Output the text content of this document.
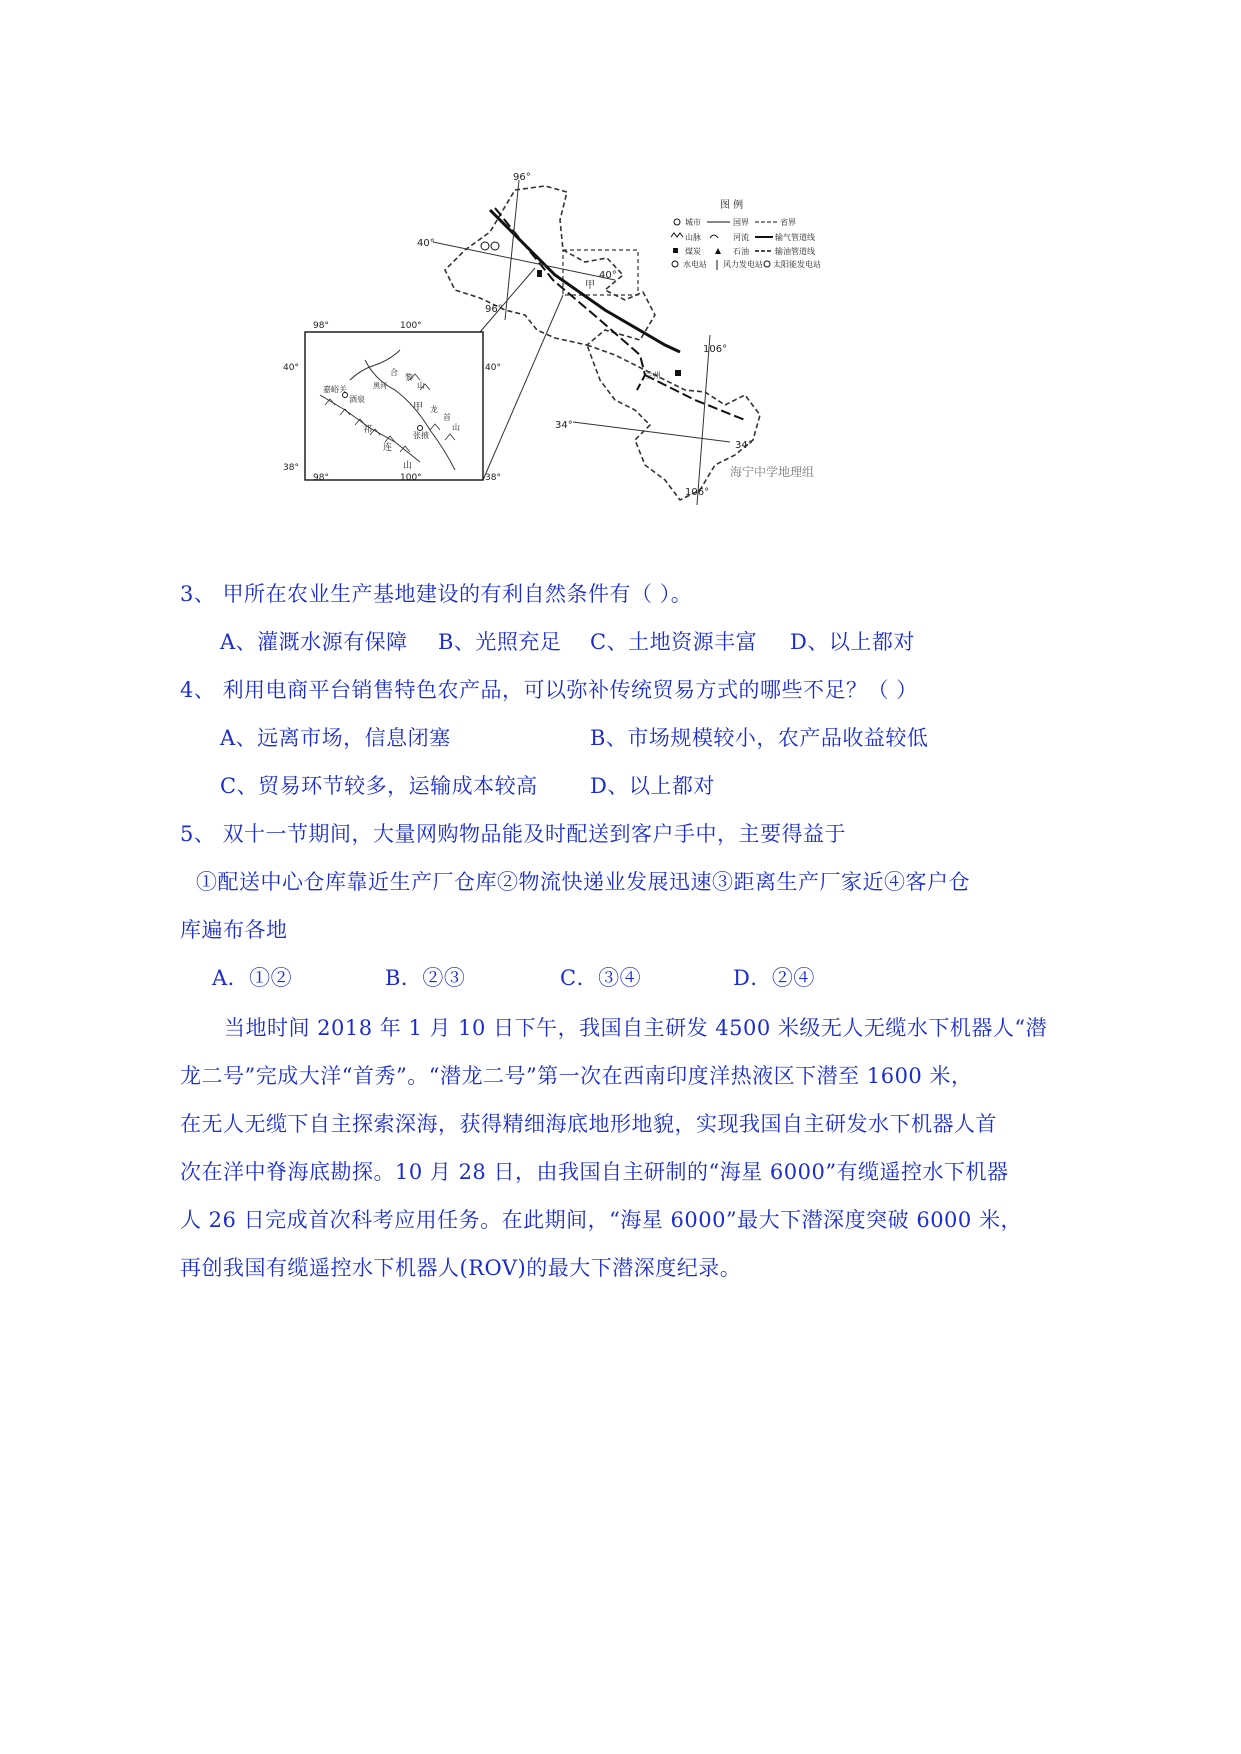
96°
40°
40°
96°
106°
34°
34°
106°
甲
兰州
嘉峪关
酒泉
张掖
龙
首
山
祁
连
山
合
黎
山
甲
黑河
98°	100°
40°	40°
38°
98°	100°	38°
图 例
城市	国界	省界
山脉	河流	输气管道线
煤炭	石油	输油管道线
水电站 风力发电站 太阳能发电站
海宁中学地理组
3、 甲所在农业生产基地建设的有利自然条件有（ ）。
A、灌溉水源有保障 B、光照充足 C、土地资源丰富 D、以上都对
4、 利用电商平台销售特色农产品，可以弥补传统贸易方式的哪些不足？（ ）
A、远离市场，信息闭塞	B、市场规模较小，农产品收益较低
C、贸易环节较多，运输成本较高 D、以上都对
5、 双十一节期间，大量网购物品能及时配送到客户手中，主要得益于
①配送中心仓库靠近生产厂仓库②物流快递业发展迅速③距离生产厂家近④客户仓
库遍布各地
A．①②	B．②③	C．③④	D．②④
当地时间 2018 年 1 月 10 日下午，我国自主研发 4500 米级无人无缆水下机器人“潜
龙二号”完成大洋“首秀”。“潜龙二号”第一次在西南印度洋热液区下潜至 1600 米，
在无人无缆下自主探索深海，获得精细海底地形地貌，实现我国自主研发水下机器人首
次在洋中脊海底勘探。10 月 28 日，由我国自主研制的“海星 6000”有缆遥控水下机器
人 26 日完成首次科考应用任务。在此期间，“海星 6000”最大下潜深度突破 6000 米，
再创我国有缆遥控水下机器人(ROV)的最大下潜深度纪录。
